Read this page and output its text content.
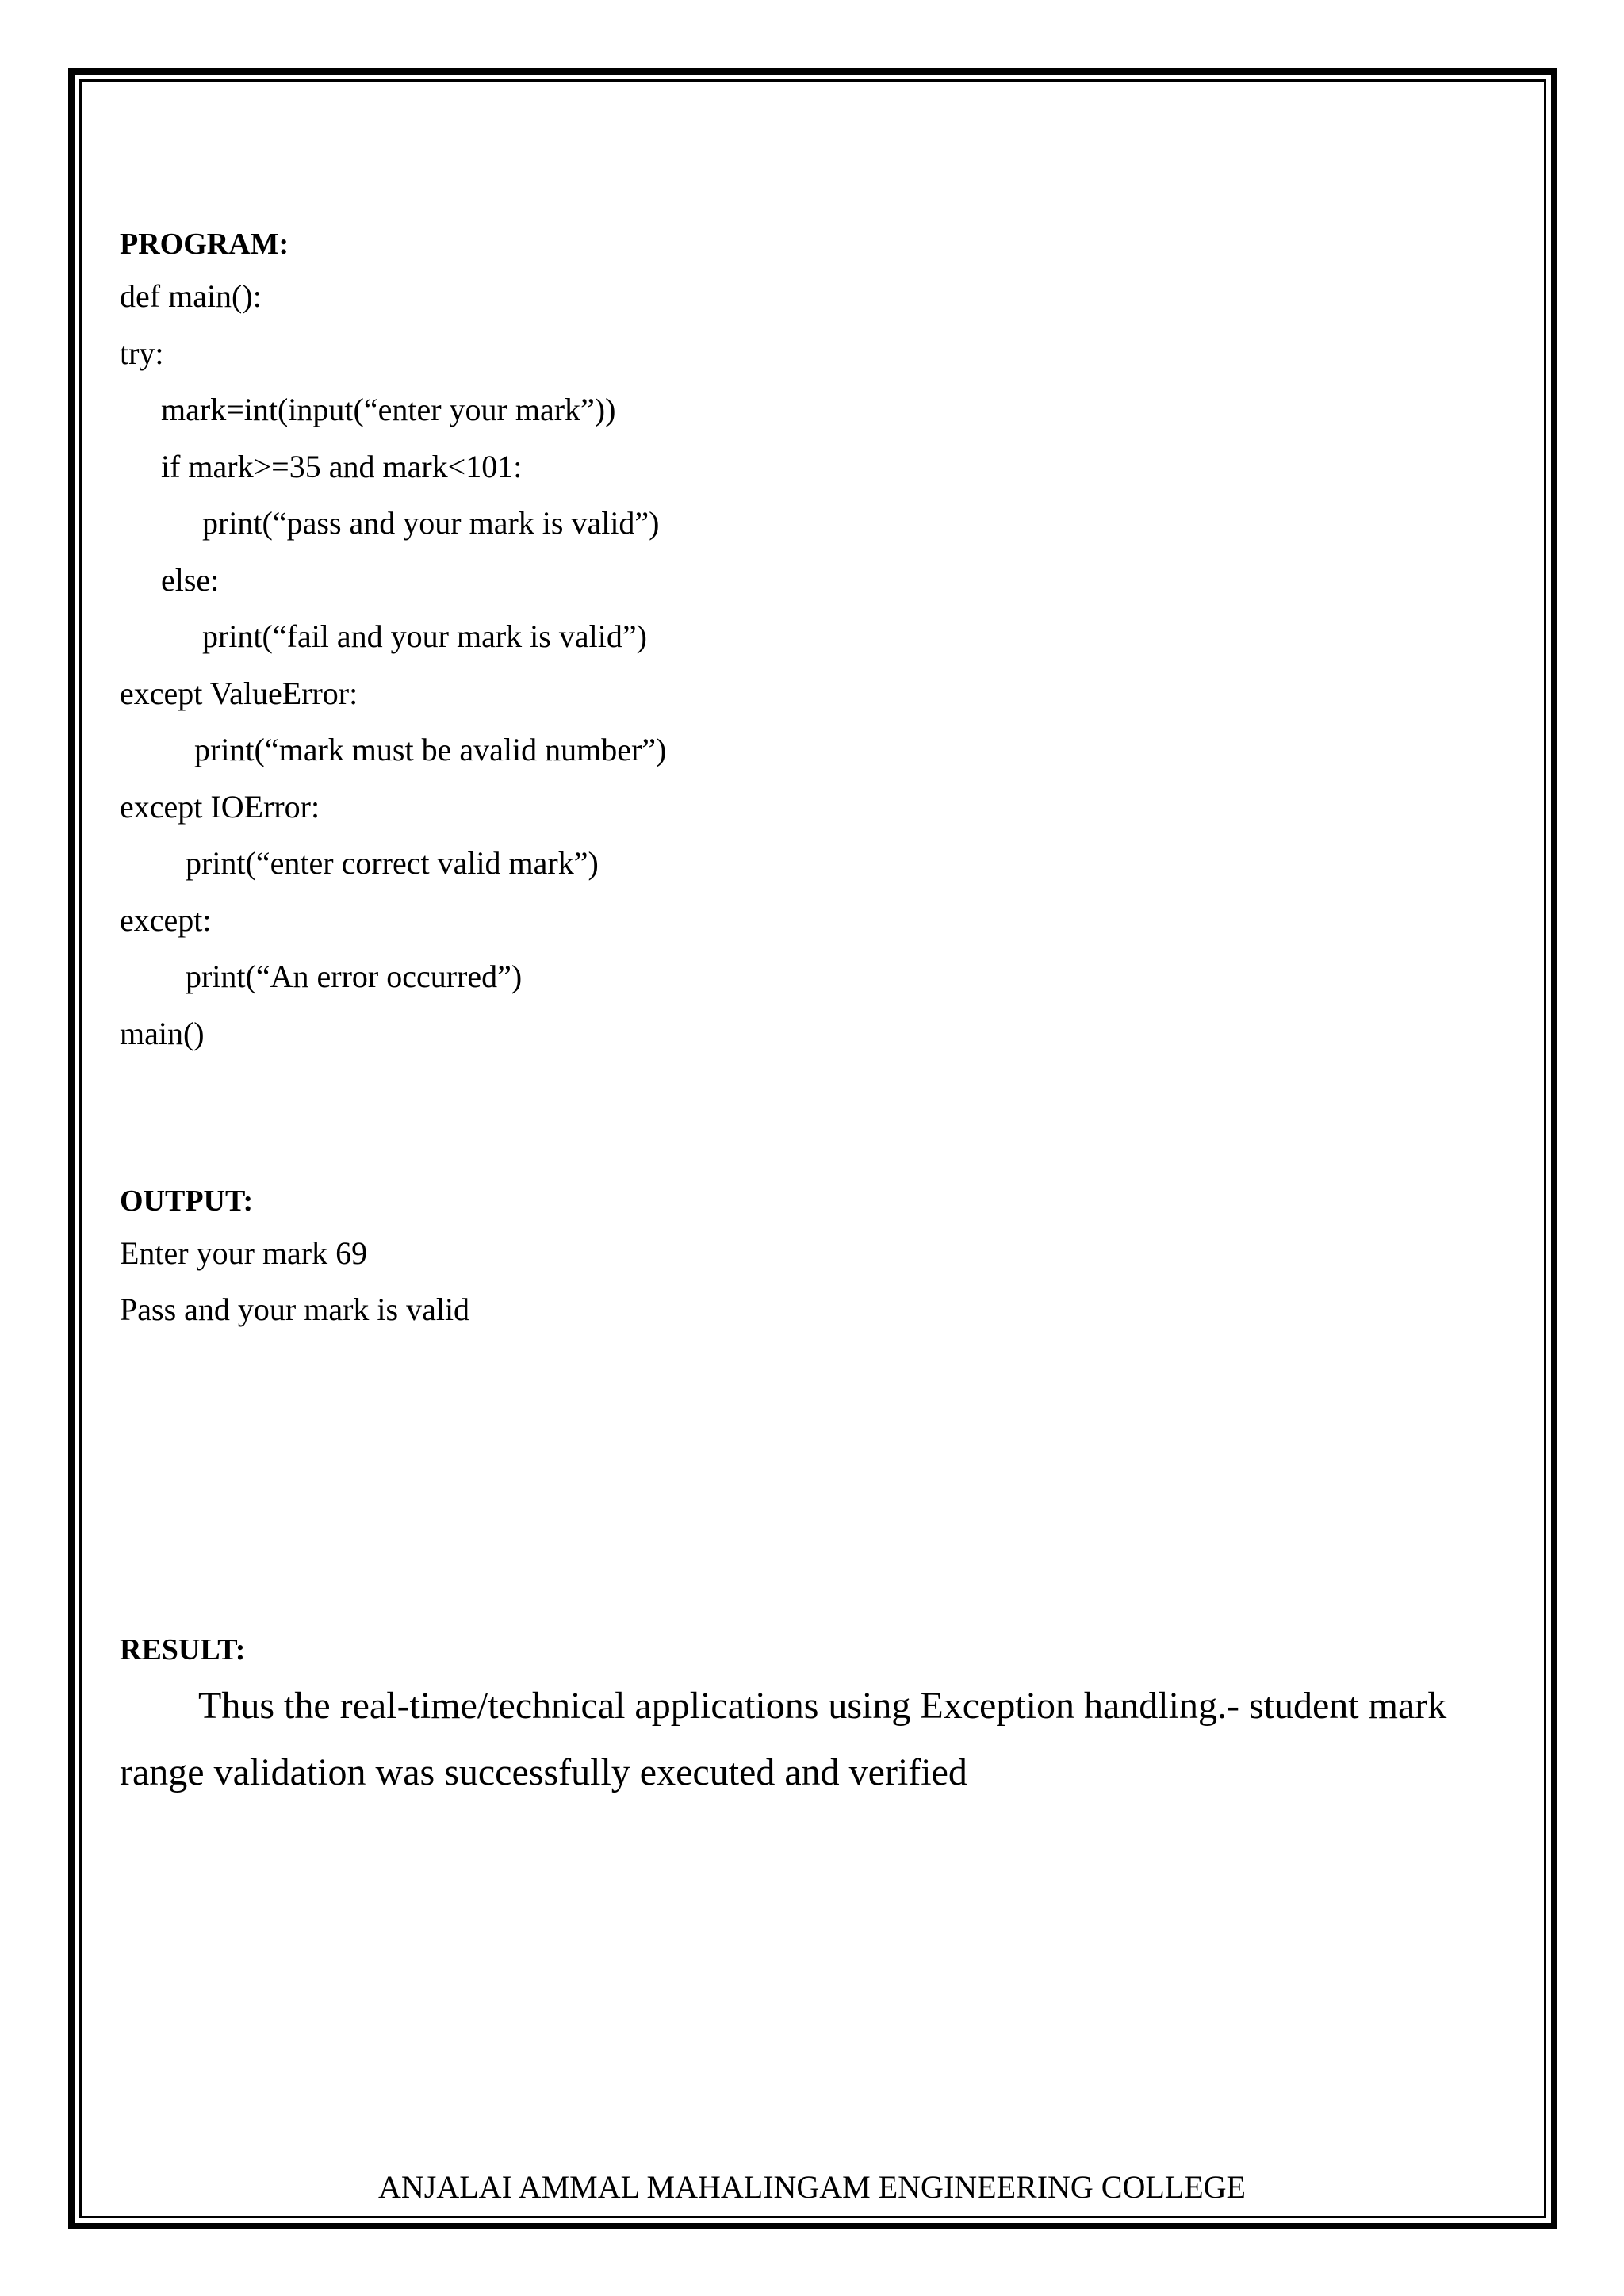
PROGRAM:
def main():
try:
mark=int(input(“enter your mark”))
if mark>=35 and mark<101:
print(“pass and your mark is valid”)
else:
print(“fail and your mark is valid”)
except ValueError:
print(“mark must be avalid number”)
except IOError:
print(“enter correct valid mark”)
except:
print(“An error occurred”)
main()
OUTPUT:
Enter your mark 69
Pass and your mark is valid
RESULT:
Thus the real-time/technical applications using Exception handling.- student mark
range validation was successfully executed and verified
ANJALAI AMMAL MAHALINGAM ENGINEERING COLLEGE
